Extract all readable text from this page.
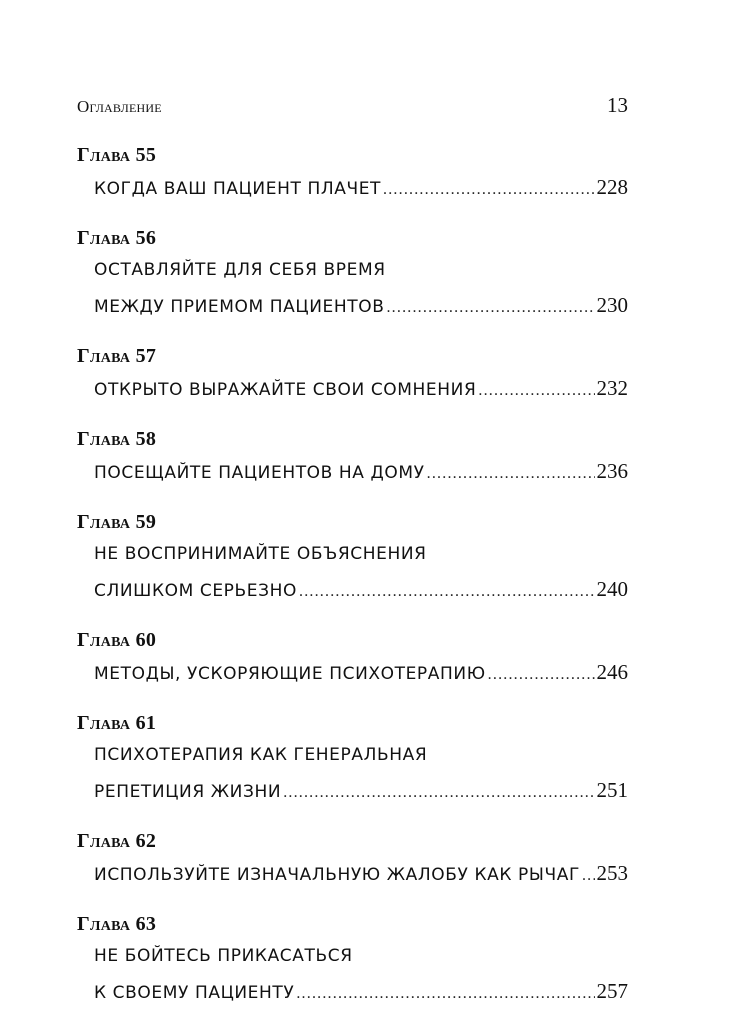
Оглавление	13
Глава 55
КОГДА ВАШ ПАЦИЕНТ ПЛАЧЕТ .....	228
Глава 56
ОСТАВЛЯЙТЕ ДЛЯ СЕБЯ ВРЕМЯ
МЕЖДУ ПРИЕМОМ ПАЦИЕНТОВ .....	230
Глава 57
ОТКРЫТО ВЫРАЖАЙТЕ СВОИ СОМНЕНИЯ .....	232
Глава 58
ПОСЕЩАЙТЕ ПАЦИЕНТОВ НА ДОМУ .....	236
Глава 59
НЕ ВОСПРИНИМАЙТЕ ОБЪЯСНЕНИЯ
СЛИШКОМ СЕРЬЕЗНО .....	240
Глава 60
МЕТОДЫ, УСКОРЯЮЩИЕ ПСИХОТЕРАПИЮ .....	246
Глава 61
ПСИХОТЕРАПИЯ КАК ГЕНЕРАЛЬНАЯ
РЕПЕТИЦИЯ ЖИЗНИ .....	251
Глава 62
ИСПОЛЬЗУЙТЕ ИЗНАЧАЛЬНУЮ ЖАЛОБУ КАК РЫЧАГ ..... 253
Глава 63
НЕ БОЙТЕСЬ ПРИКАСАТЬСЯ
К СВОЕМУ ПАЦИЕНТУ .....	257
